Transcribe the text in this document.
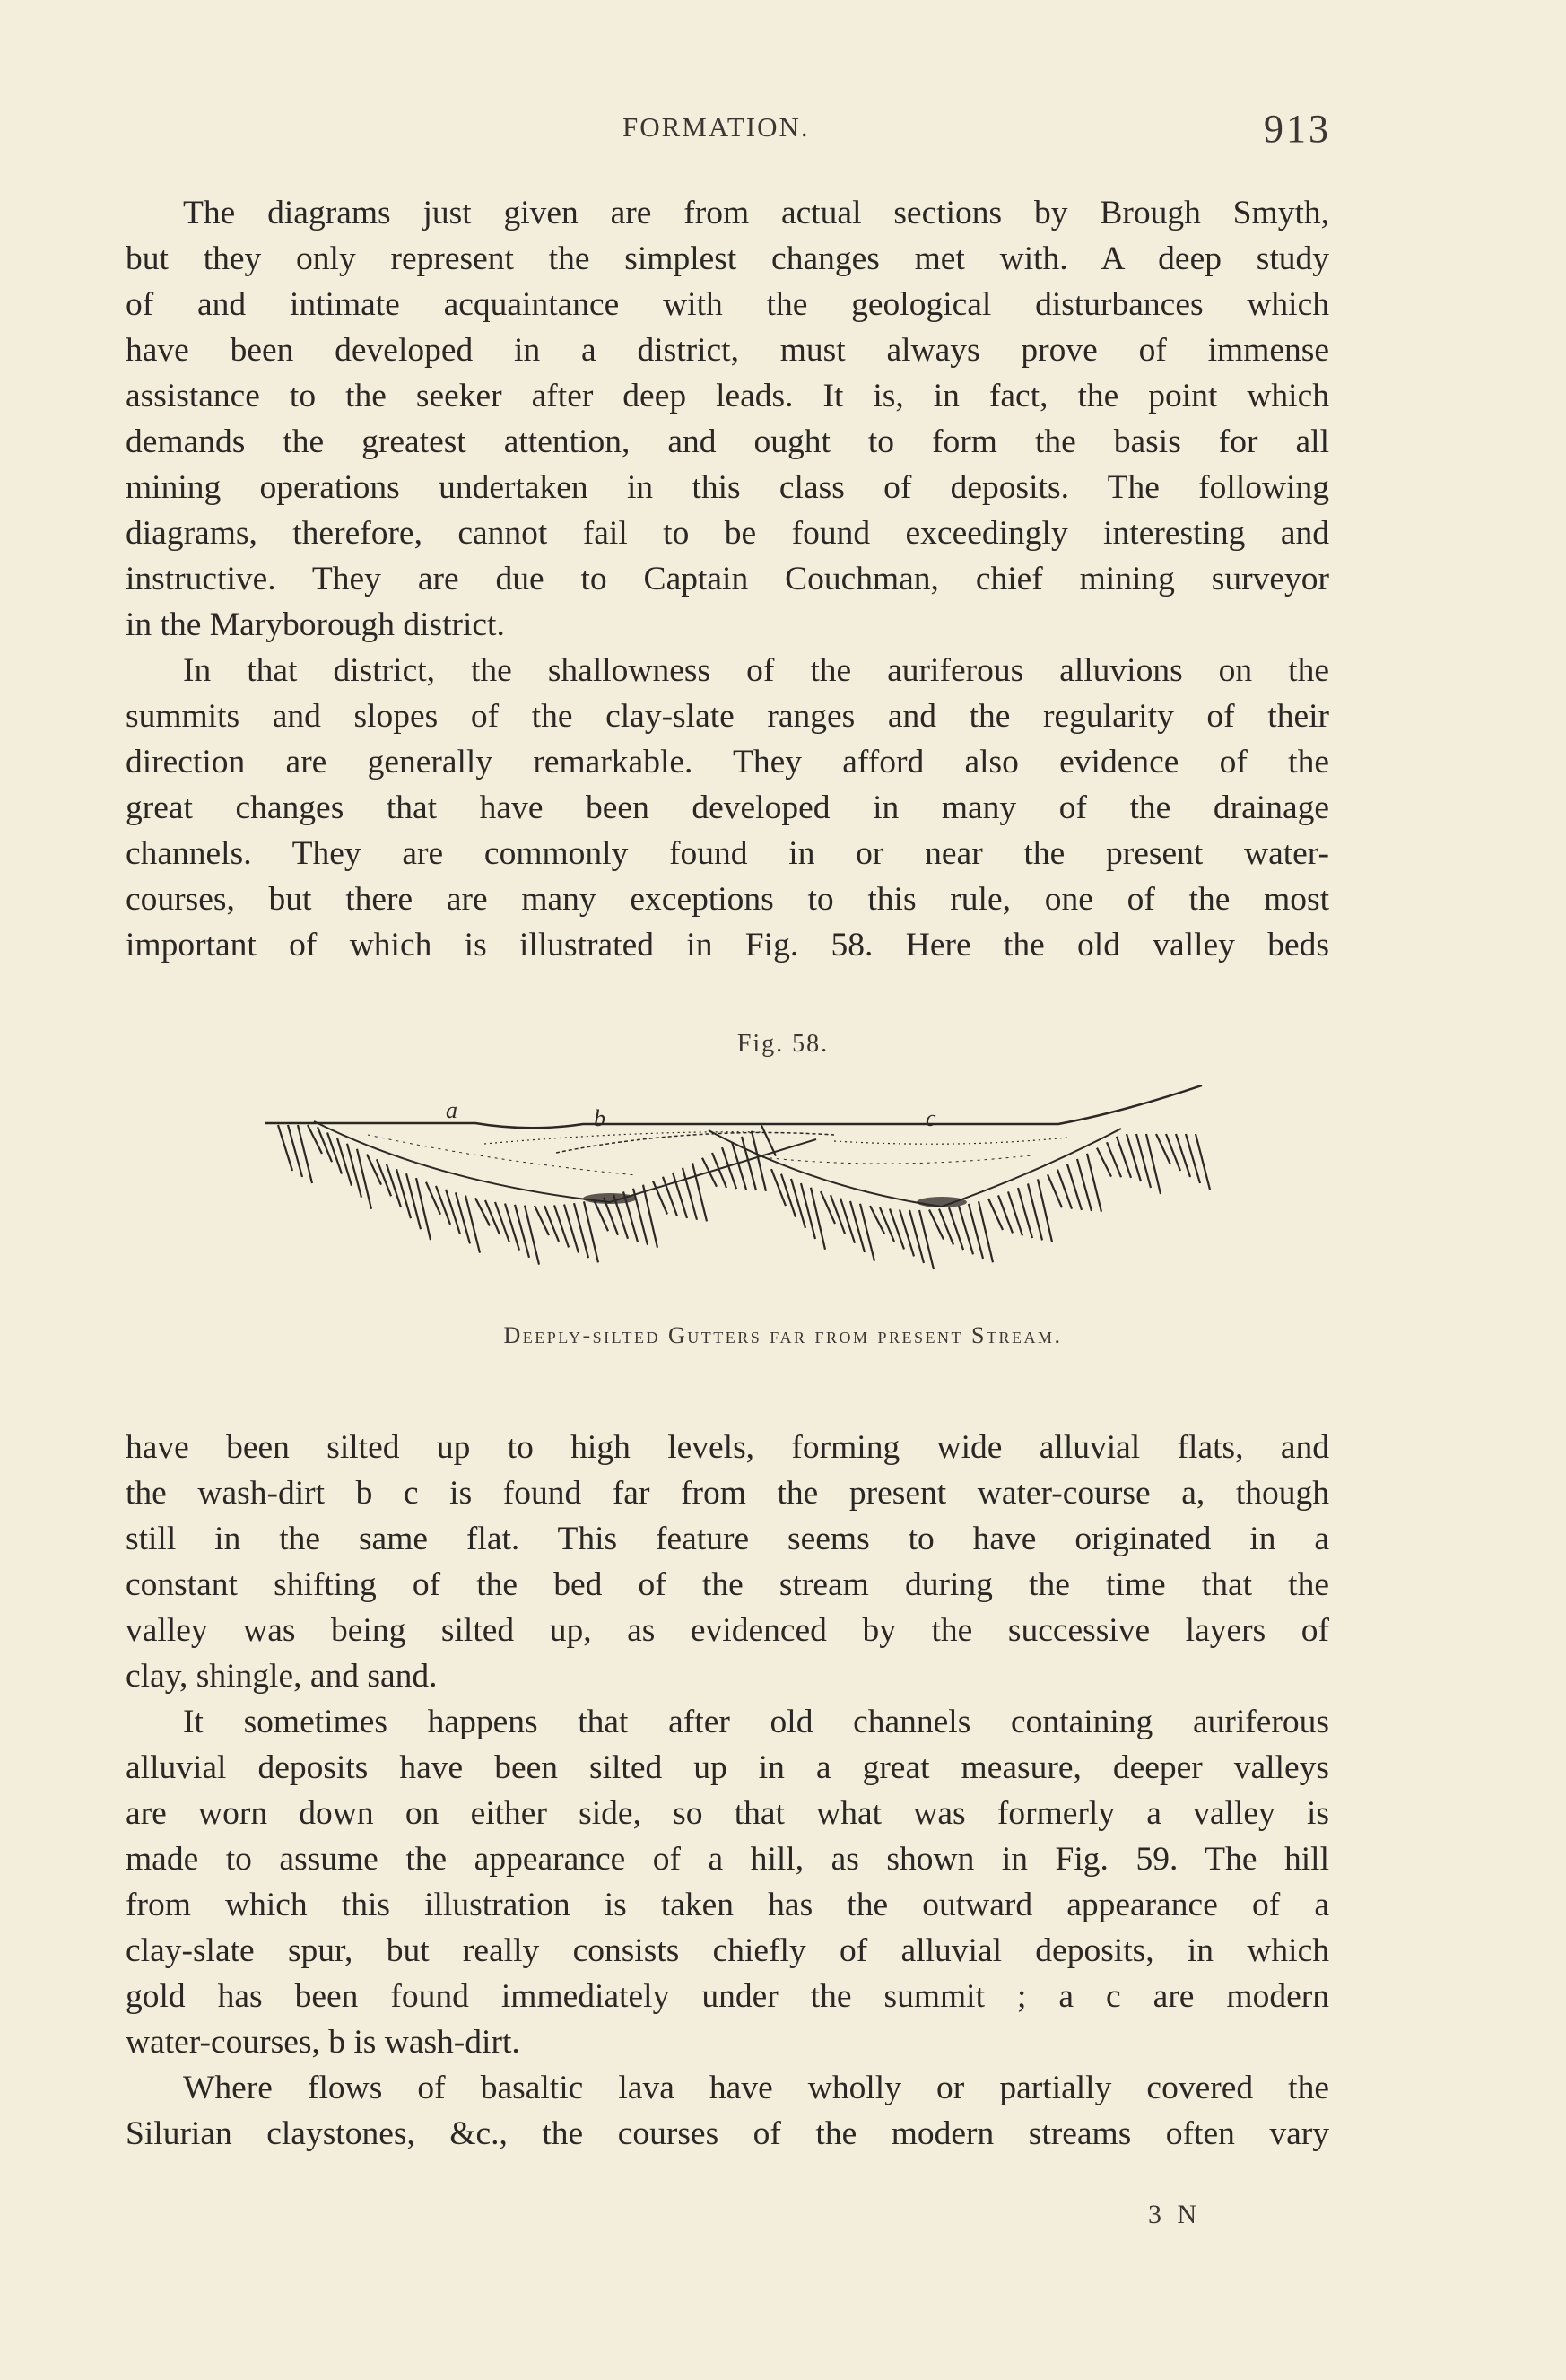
FORMATION.	913
The diagrams just given are from actual sections by Brough Smyth,
but they only represent the simplest changes met with. A deep study
of and intimate acquaintance with the geological disturbances which
have been developed in a district, must always prove of immense
assistance to the seeker after deep leads. It is, in fact, the point which
demands the greatest attention, and ought to form the basis for all
mining operations undertaken in this class of deposits. The following
diagrams, therefore, cannot fail to be found exceedingly interesting and
instructive. They are due to Captain Couchman, chief mining surveyor
in the Maryborough district.
In that district, the shallowness of the auriferous alluvions on the
summits and slopes of the clay-slate ranges and the regularity of their
direction are generally remarkable. They afford also evidence of the
great changes that have been developed in many of the drainage
channels. They are commonly found in or near the present water-
courses, but there are many exceptions to this rule, one of the most
important of which is illustrated in Fig. 58. Here the old valley beds
Fig. 58.
a	b	c
Deeply-silted Gutters far from present Stream.
have been silted up to high levels, forming wide alluvial flats, and
the wash-dirt b c is found far from the present water-course a, though
still in the same flat. This feature seems to have originated in a
constant shifting of the bed of the stream during the time that the
valley was being silted up, as evidenced by the successive layers of
clay, shingle, and sand.
It sometimes happens that after old channels containing auriferous
alluvial deposits have been silted up in a great measure, deeper valleys
are worn down on either side, so that what was formerly a valley is
made to assume the appearance of a hill, as shown in Fig. 59. The hill
from which this illustration is taken has the outward appearance of a
clay-slate spur, but really consists chiefly of alluvial deposits, in which
gold has been found immediately under the summit ; a c are modern
water-courses, b is wash-dirt.
Where flows of basaltic lava have wholly or partially covered the
Silurian claystones, &c., the courses of the modern streams often vary
3 N
